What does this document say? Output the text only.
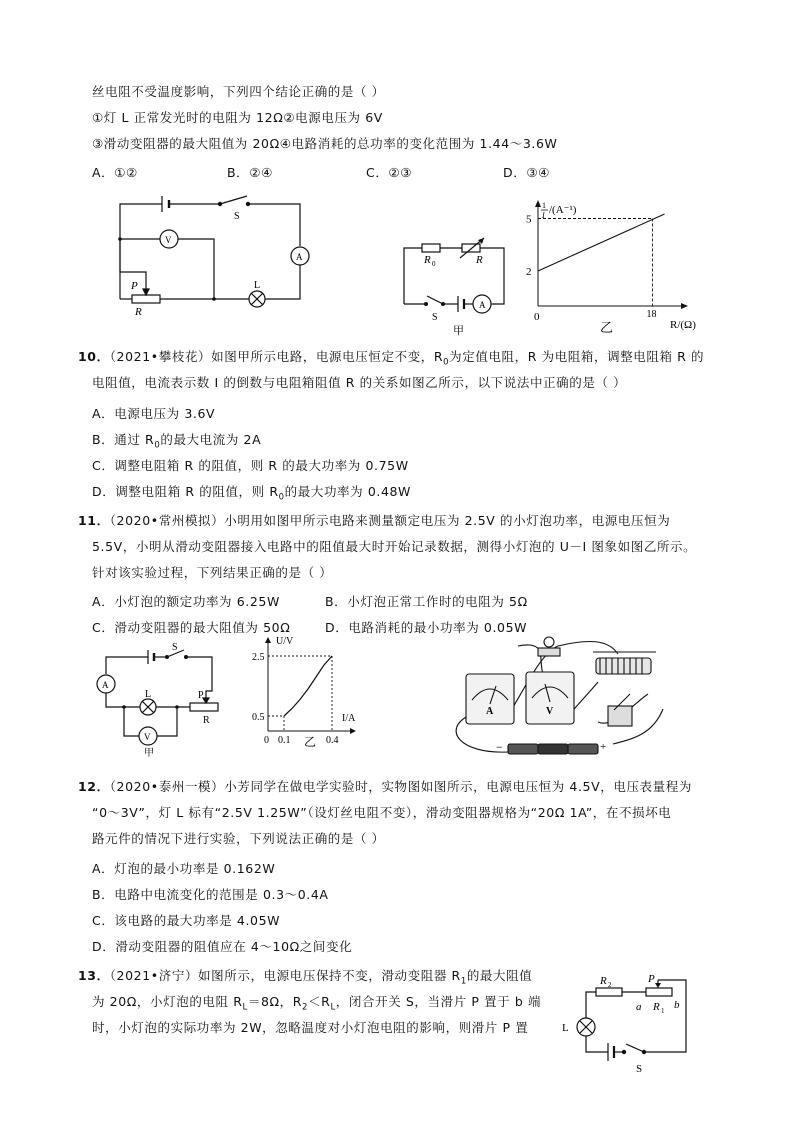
丝电阻不受温度影响，下列四个结论正确的是（ ）
①灯 L 正常发光时的电阻为 12Ω②电源电压为 6V
③滑动变阻器的最大阻值为 20Ω④电路消耗的总功率的变化范围为 1.44～3.6W
A．①②	B．②④	C．②③	D．③④
S
V
A
L
P
R
R 0	R
A
S
甲
5
2
0	18
1
I /(A⁻¹)
R/(Ω)
乙
10．（2021•攀枝花）如图甲所示电路，电源电压恒定不变，$R_0$为定值电阻，R 为电阻箱，调整电阻箱 R 的
电阻值，电流表示数 I 的倒数与电阻箱阻值 R 的关系如图乙所示，以下说法中正确的是（ ）
A．电源电压为 3.6V
B．通过 $R_0$的最大电流为 2A
C．调整电阻箱 R 的阻值，则 R 的最大功率为 0.75W
D．调整电阻箱 R 的阻值，则 $R_0$的最大功率为 0.48W
11．（2020•常州模拟）小明用如图甲所示电路来测量额定电压为 2.5V 的小灯泡功率，电源电压恒为
5.5V，小明从滑动变阻器接入电路中的阻值最大时开始记录数据，测得小灯泡的 U－I 图象如图乙所示。
针对该实验过程，下列结果正确的是（ ）
A．小灯泡的额定功率为 6.25W	B．小灯泡正常工作时的电阻为 5Ω
C．滑动变阻器的最大阻值为 50Ω	D．电路消耗的最小功率为 0.05W
S
A
L	P
R
V
甲
U/V
I/A
2.5
0.5
0 0.1	0.4
乙
A	V
−	+
12．（2020•泰州一模）小芳同学在做电学实验时，实物图如图所示，电源电压恒为 4.5V，电压表量程为
“0～3V”，灯 L 标有“2.5V 1.25W”（设灯丝电阻不变），滑动变阻器规格为“20Ω 1A”，在不损坏电
路元件的情况下进行实验，下列说法正确的是（ ）
A．灯泡的最小功率是 0.162W
B．电路中电流变化的范围是 0.3～0.4A
C．该电路的最大功率是 4.05W
D．滑动变阻器的阻值应在 4～10Ω之间变化
13．（2021•济宁）如图所示，电源电压保持不变，滑动变阻器 $R_1$的最大阻值
为 20Ω，小灯泡的电阻 $R_L=8\Omega$，$R_2<R_L$，闭合开关 S，当滑片 P 置于 b 端
时，小灯泡的实际功率为 2W，忽略温度对小灯泡电阻的影响，则滑片 P 置
R 2	P
a R 1 b
L
S
